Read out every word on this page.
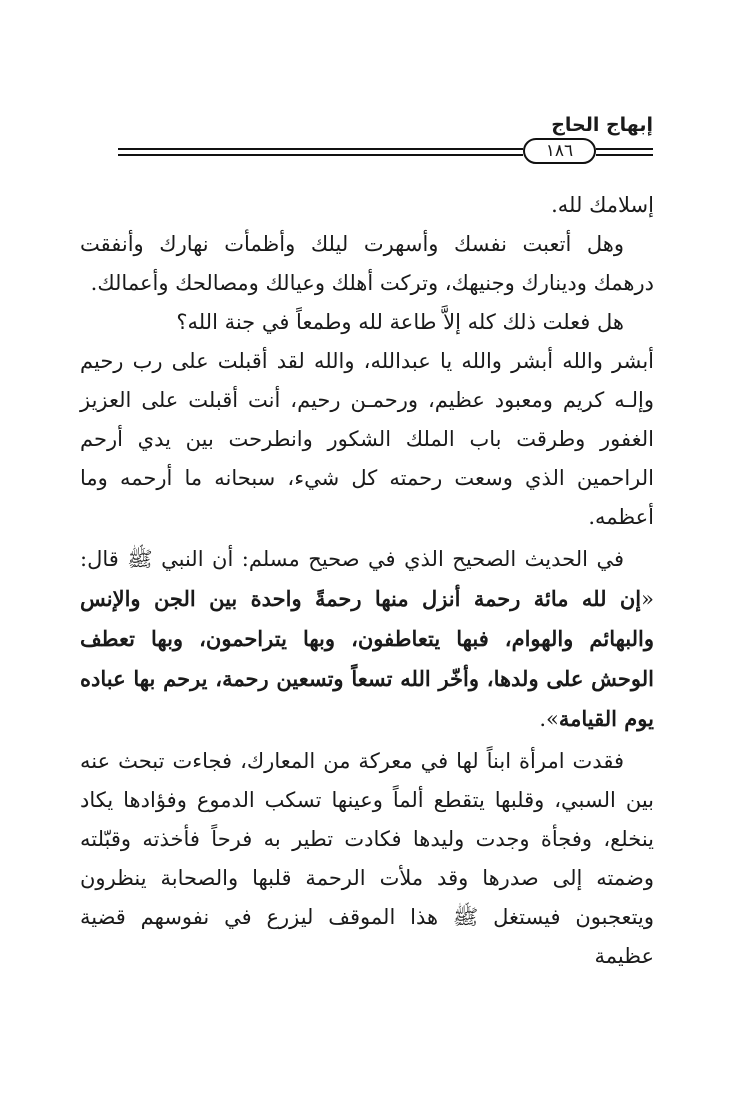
إبهاج الحاج
١٨٦

إسلامك لله.

وهل أتعبت نفسك وأسهرت ليلك وأظمأت نهارك وأنفقت درهمك ودينارك وجنيهك، وتركت أهلك وعيالك ومصالحك وأعمالك.

هل فعلت ذلك كله إلاَّ طاعة لله وطمعاً في جنة الله؟

أبشر والله أبشر والله يا عبدالله، والله لقد أقبلت على رب رحيم وإلـه كريم ومعبود عظيم، ورحمـن رحيم، أنت أقبلت على العزيز الغفور وطرقت باب الملك الشكور وانطرحت بين يدي أرحم الراحمين الذي وسعت رحمته كل شيء، سبحانه ما أرحمه وما أعظمه.

في الحديث الصحيح الذي في صحيح مسلم: أن النبي ﷺ قال: «إن لله مائة رحمة أنزل منها رحمةً واحدة بين الجن والإنس والبهائم والهوام، فبها يتعاطفون، وبها يتراحمون، وبها تعطف الوحش على ولدها، وأخّر الله تسعاً وتسعين رحمة، يرحم بها عباده يوم القيامة».

فقدت امرأة ابناً لها في معركة من المعارك، فجاءت تبحث عنه بين السبي، وقلبها يتقطع ألماً وعينها تسكب الدموع وفؤادها يكاد ينخلع، وفجأة وجدت وليدها فكادت تطير به فرحاً فأخذته وقبّلته وضمته إلى صدرها وقد ملأت الرحمة قلبها والصحابة ينظرون ويتعجبون فيستغل ﷺ هذا الموقف ليزرع في نفوسهم قضية عظيمة
